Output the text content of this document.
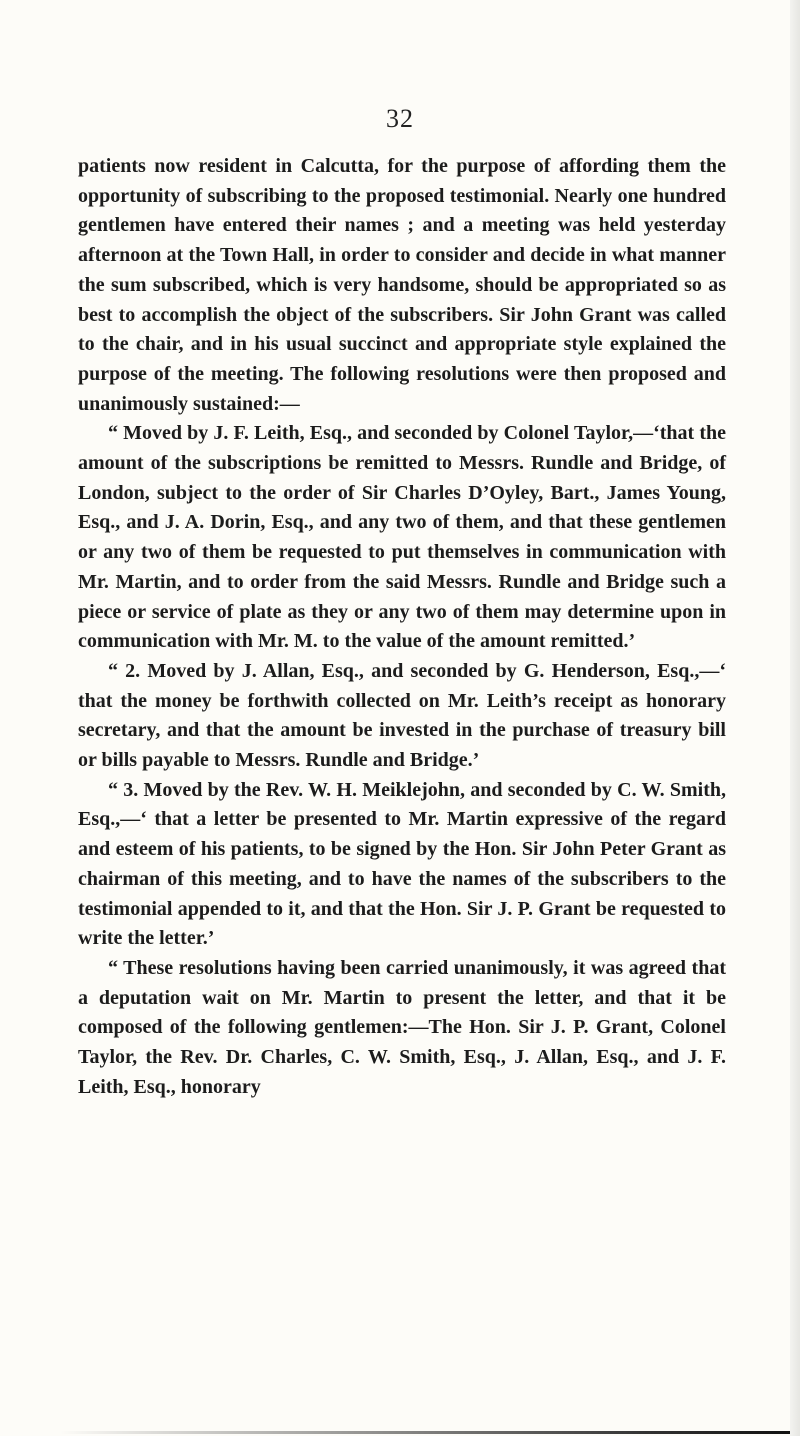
32

patients now resident in Calcutta, for the purpose of affording them the opportunity of subscribing to the proposed testimonial. Nearly one hundred gentlemen have entered their names ; and a meeting was held yesterday afternoon at the Town Hall, in order to consider and decide in what manner the sum subscribed, which is very handsome, should be appropriated so as best to accomplish the object of the subscribers. Sir John Grant was called to the chair, and in his usual succinct and appropriate style explained the purpose of the meeting. The following resolutions were then proposed and unanimously sustained:—

“ Moved by J. F. Leith, Esq., and seconded by Colonel Taylor,—‘that the amount of the subscriptions be remitted to Messrs. Rundle and Bridge, of London, subject to the order of Sir Charles D’Oyley, Bart., James Young, Esq., and J. A. Dorin, Esq., and any two of them, and that these gentlemen or any two of them be requested to put themselves in communication with Mr. Martin, and to order from the said Messrs. Rundle and Bridge such a piece or service of plate as they or any two of them may determine upon in communication with Mr. M. to the value of the amount remitted.’

“ 2. Moved by J. Allan, Esq., and seconded by G. Henderson, Esq.,—‘ that the money be forthwith collected on Mr. Leith’s receipt as honorary secretary, and that the amount be invested in the purchase of treasury bill or bills payable to Messrs. Rundle and Bridge.’

“ 3. Moved by the Rev. W. H. Meiklejohn, and seconded by C. W. Smith, Esq.,—‘ that a letter be presented to Mr. Martin expressive of the regard and esteem of his patients, to be signed by the Hon. Sir John Peter Grant as chairman of this meeting, and to have the names of the subscribers to the testimonial appended to it, and that the Hon. Sir J. P. Grant be requested to write the letter.’

“ These resolutions having been carried unanimously, it was agreed that a deputation wait on Mr. Martin to present the letter, and that it be composed of the following gentlemen:—The Hon. Sir J. P. Grant, Colonel Taylor, the Rev. Dr. Charles, C. W. Smith, Esq., J. Allan, Esq., and J. F. Leith, Esq., honorary
